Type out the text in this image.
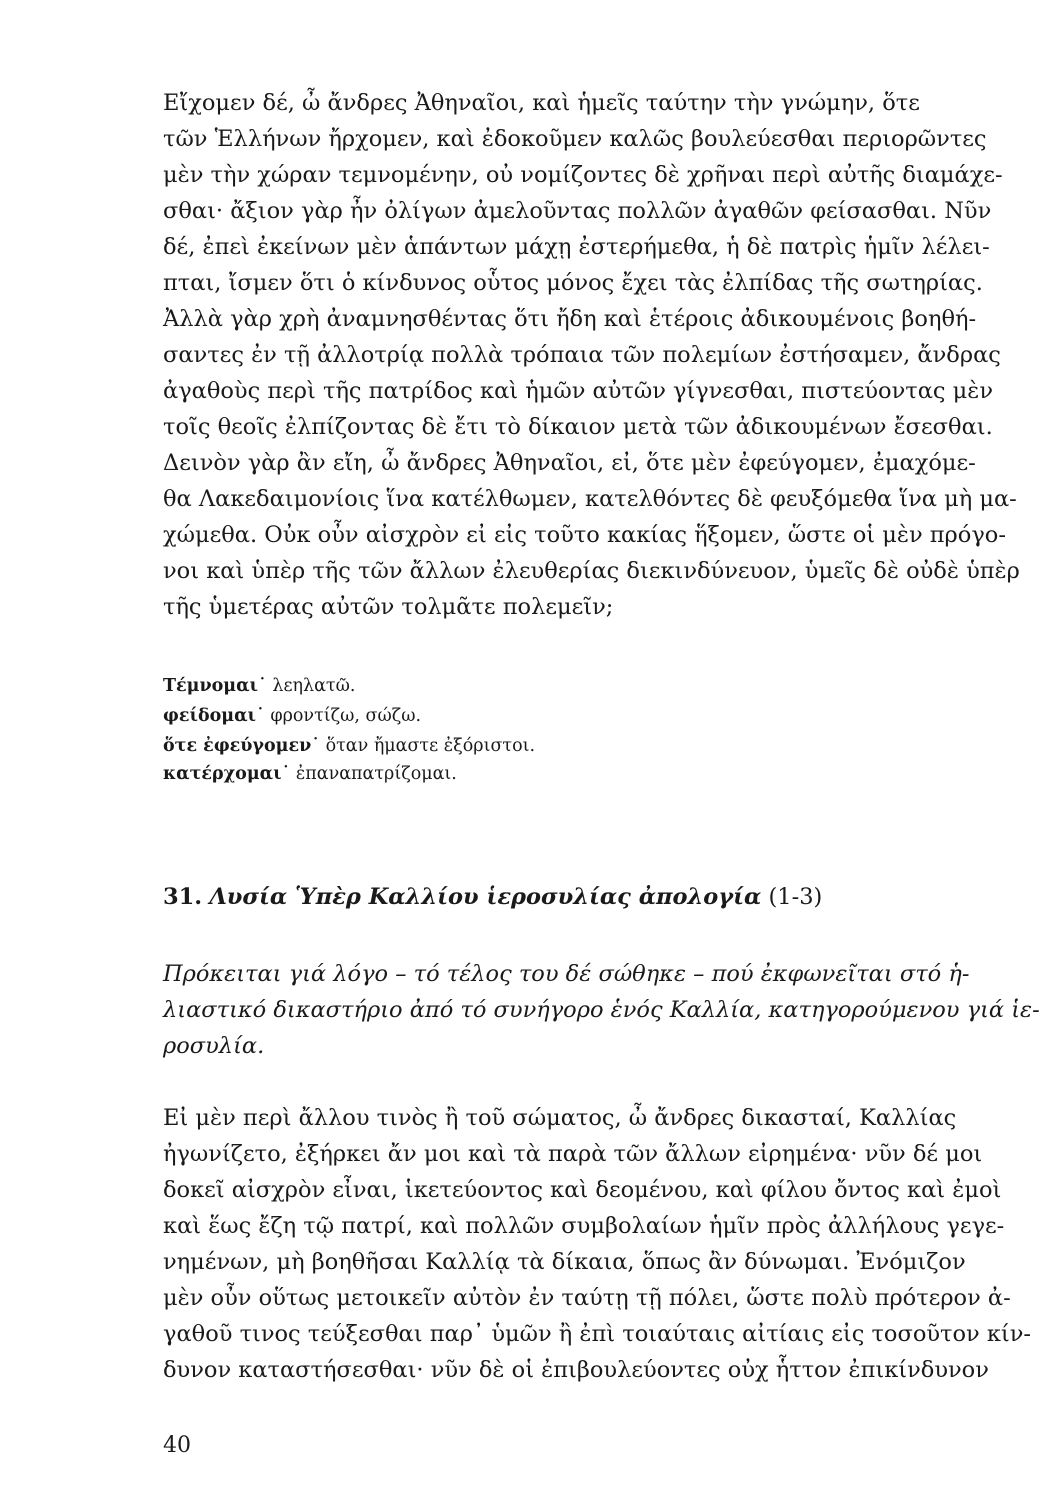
Εἴχομεν δέ, ὦ ἄνδρες Ἀθηναῖοι, καὶ ἡμεῖς ταύτην τὴν γνώμην, ὅτε
τῶν Ἑλλήνων ἤρχομεν, καὶ ἐδοκοῦμεν καλῶς βουλεύεσθαι περιορῶντες
μὲν τὴν χώραν τεμνομένην, οὐ νομίζοντες δὲ χρῆναι περὶ αὐτῆς διαμάχε-
σθαι· ἄξιον γὰρ ἦν ὀλίγων ἀμελοῦντας πολλῶν ἀγαθῶν φείσασθαι. Νῦν
δέ, ἐπεὶ ἐκείνων μὲν ἁπάντων μάχῃ ἐστερήμεθα, ἡ δὲ πατρὶς ἡμῖν λέλει-
πται, ἴσμεν ὅτι ὁ κίνδυνος οὗτος μόνος ἔχει τὰς ἐλπίδας τῆς σωτηρίας.
Ἀλλὰ γὰρ χρὴ ἀναμνησθέντας ὅτι ἤδη καὶ ἑτέροις ἀδικουμένοις βοηθή-
σαντες ἐν τῇ ἀλλοτρίᾳ πολλὰ τρόπαια τῶν πολεμίων ἐστήσαμεν, ἄνδρας
ἀγαθοὺς περὶ τῆς πατρίδος καὶ ἡμῶν αὐτῶν γίγνεσθαι, πιστεύοντας μὲν
τοῖς θεοῖς ἐλπίζοντας δὲ ἔτι τὸ δίκαιον μετὰ τῶν ἀδικουμένων ἔσεσθαι.
Δεινὸν γὰρ ἂν εἴη, ὦ ἄνδρες Ἀθηναῖοι, εἰ, ὅτε μὲν ἐφεύγομεν, ἐμαχόμε-
θα Λακεδαιμονίοις ἵνα κατέλθωμεν, κατελθόντες δὲ φευξόμεθα ἵνα μὴ μα-
χώμεθα. Οὐκ οὖν αἰσχρὸν εἰ εἰς τοῦτο κακίας ἥξομεν, ὥστε οἱ μὲν πρόγο-
νοι καὶ ὑπὲρ τῆς τῶν ἄλλων ἐλευθερίας διεκινδύνευον, ὑμεῖς δὲ οὐδὲ ὑπὲρ
τῆς ὑμετέρας αὐτῶν τολμᾶτε πολεμεῖν;
Τέμνομαι˙ λεηλατῶ.
φείδομαι˙ φροντίζω, σώζω.
ὅτε ἐφεύγομεν˙ ὅταν ἤμαστε ἐξόριστοι.
κατέρχομαι˙ ἐπαναπατρίζομαι.
31. Λυσία Ὑπὲρ Καλλίου ἱεροσυλίας ἀπολογία (1-3)
Πρόκειται γιά λόγο – τό τέλος του δέ σώθηκε – πού ἐκφωνεῖται στό ἡ-
λιαστικό δικαστήριο ἀπό τό συνήγορο ἑνός Καλλία, κατηγορούμενου γιά ἱε-
ροσυλία.
Εἰ μὲν περὶ ἄλλου τινὸς ἢ τοῦ σώματος, ὦ ἄνδρες δικασταί, Καλλίας
ἠγωνίζετο, ἐξήρκει ἄν μοι καὶ τὰ παρὰ τῶν ἄλλων εἰρημένα· νῦν δέ μοι
δοκεῖ αἰσχρὸν εἶναι, ἱκετεύοντος καὶ δεομένου, καὶ φίλου ὄντος καὶ ἐμοὶ
καὶ ἕως ἔζη τῷ πατρί, καὶ πολλῶν συμβολαίων ἡμῖν πρὸς ἀλλήλους γεγε-
νημένων, μὴ βοηθῆσαι Καλλίᾳ τὰ δίκαια, ὅπως ἂν δύνωμαι. Ἐνόμιζον
μὲν οὖν οὕτως μετοικεῖν αὐτὸν ἐν ταύτῃ τῇ πόλει, ὥστε πολὺ πρότερον ἀ-
γαθοῦ τινος τεύξεσθαι παρ᾽ ὑμῶν ἢ ἐπὶ τοιαύταις αἰτίαις εἰς τοσοῦτον κίν-
δυνον καταστήσεσθαι· νῦν δὲ οἱ ἐπιβουλεύοντες οὐχ ἧττον ἐπικίνδυνον
40
